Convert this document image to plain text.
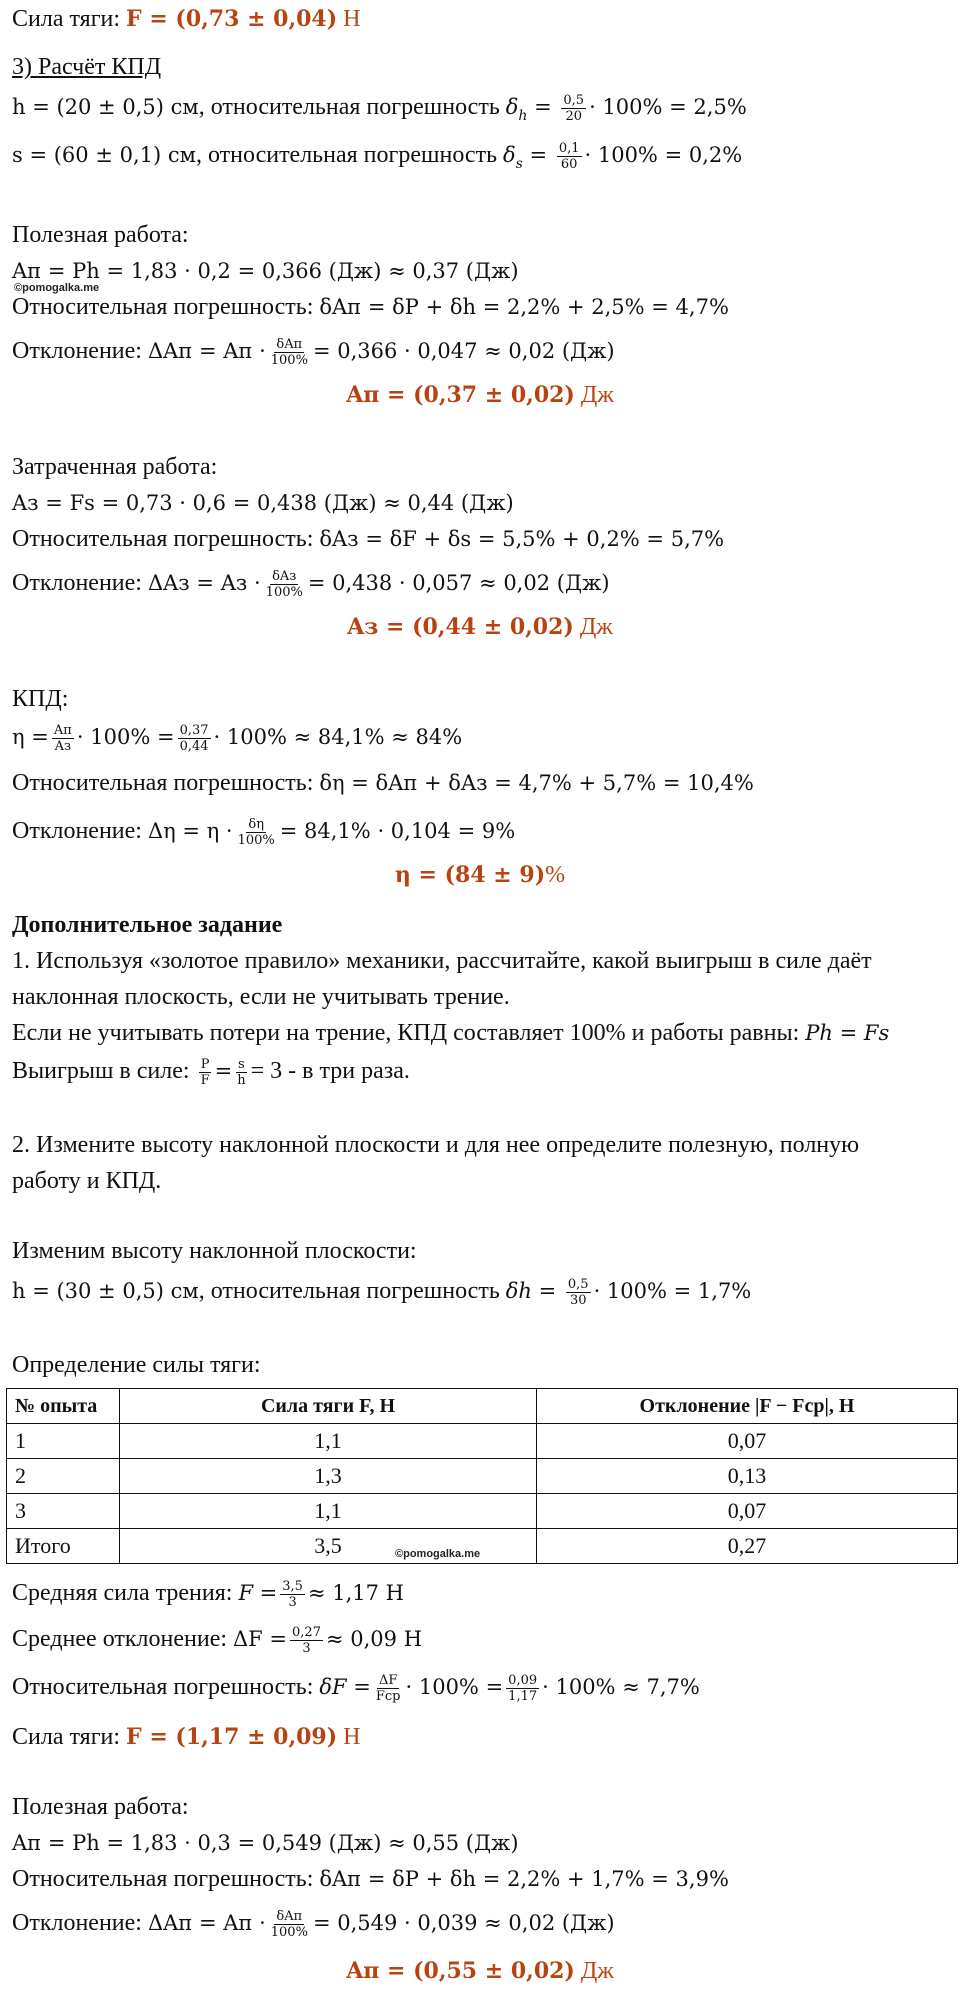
Сила тяги: F = (0,73 ± 0,04) Н
3) Расчёт КПД
h = (20 ± 0,5) см, относительная погрешность $\delta_h = \frac{0,5}{20} \cdot 100\% = 2,5\%$
s = (60 ± 0,1) см, относительная погрешность $\delta_s = \frac{0,1}{60} \cdot 100\% = 0,2\%$
Полезная работа:
Aп = Ph = 1,83 · 0,2 = 0,366 (Дж) ≈ 0,37 (Дж)
©pomogalka.me
Относительная погрешность: δAп = δP + δh = 2,2% + 2,5% = 4,7%
Отклонение: ΔAп = Aп · $\frac{\text{δAп}}{100\%} = 0,366 \cdot 0,047 \approx 0,02$ (Дж)
Aп = (0,37 ± 0,02) Дж
Затраченная работа:
Aз = Fs = 0,73 · 0,6 = 0,438 (Дж) ≈ 0,44 (Дж)
Относительная погрешность: δAз = δF + δs = 5,5% + 0,2% = 5,7%
Отклонение: ΔAз = Aз · $\frac{\text{δAз}}{100\%} = 0,438 \cdot 0,057 \approx 0,02$ (Дж)
Aз = (0,44 ± 0,02) Дж
КПД:
$\eta = \frac{Aп}{Aз} \cdot 100\% = \frac{0,37}{0,44} \cdot 100\% \approx 84,1\% \approx 84\%$
Относительная погрешность: δη = δAп + δAз = 4,7% + 5,7% = 10,4%
Отклонение: $\Delta\eta = \eta \cdot \frac{\delta\eta}{100\%} = 84,1\% \cdot 0,104 = 9\%$
η = (84 ± 9)%
Дополнительное задание
1. Используя «золотое правило» механики, рассчитайте, какой выигрыш в силе даёт
наклонная плоскость, если не учитывать трение.
Если не учитывать потери на трение, КПД составляет 100% и работы равны: Ph = Fs
Выигрыш в силе: $\frac{P}{F} = \frac{s}{h} = 3 - в$ три раза.
2. Измените высоту наклонной плоскости и для нее определите полезную, полную
работу и КПД.
Изменим высоту наклонной плоскости:
h = (30 ± 0,5) см, относительная погрешность $\delta h = \frac{0,5}{30} \cdot 100\% = 1,7\%$
Определение силы тяги:
№ опыта	Сила тяги F, Н	Отклонение |F − Fcp|, Н
1	1,1	0,07
2	1,3	0,13
3	1,1	0,07
Итого	3,5	0,27
©pomogalka.me
Средняя сила трения: $F = \frac{3,5}{3} \approx 1,17$ Н
Среднее отклонение: $\Delta F = \frac{0,27}{3} \approx 0,09$ Н
Относительная погрешность: $\delta F = \frac{\Delta F}{\text{Fcp}} \cdot 100\% = \frac{0,09}{1,17} \cdot 100\% \approx 7,7\%$
Сила тяги: F = (1,17 ± 0,09) Н
Полезная работа:
Aп = Ph = 1,83 · 0,3 = 0,549 (Дж) ≈ 0,55 (Дж)
Относительная погрешность: δAп = δP + δh = 2,2% + 1,7% = 3,9%
Отклонение: ΔAп = Aп · $\frac{\text{δAп}}{100\%} = 0,549 \cdot 0,039 \approx 0,02$ (Дж)
Aп = (0,55 ± 0,02) Дж
